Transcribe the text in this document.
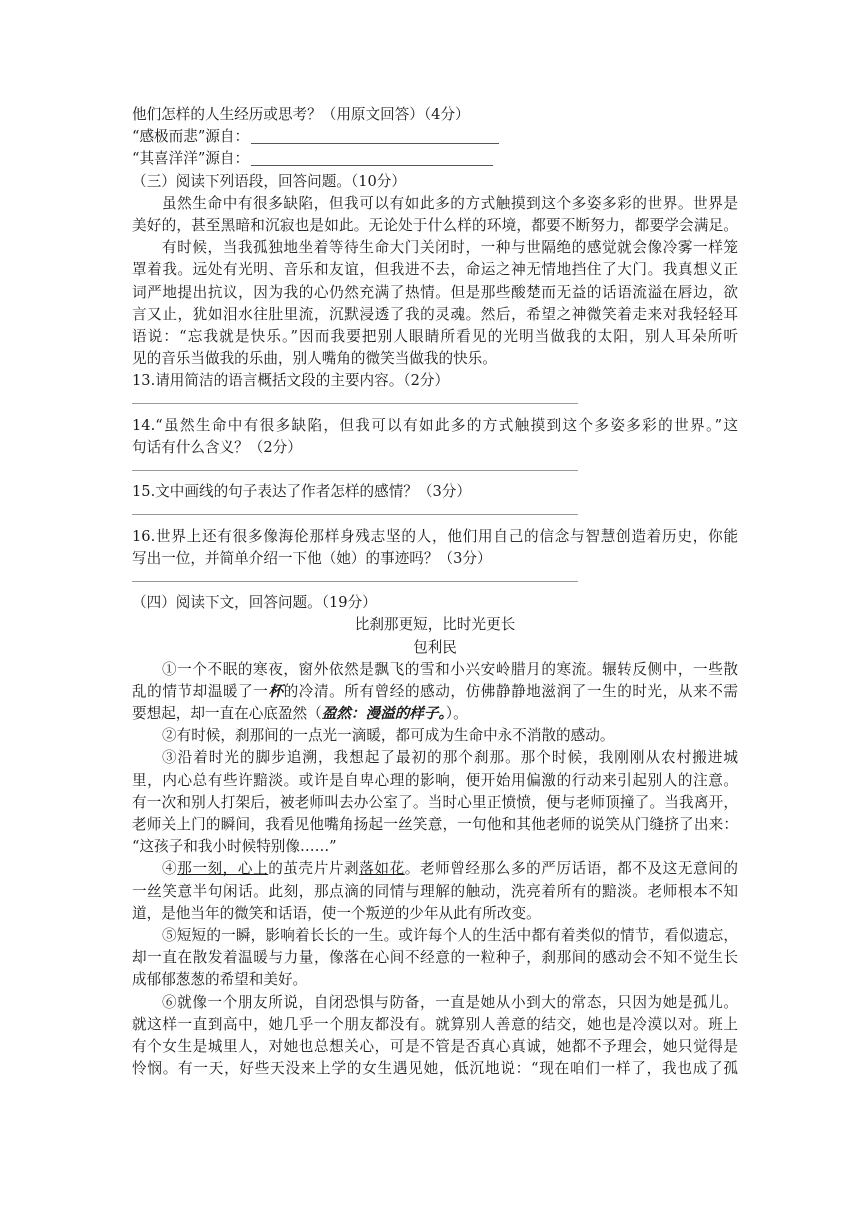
他们怎样的人生经历或思考？（用原文回答）（4分）
“感极而悲”源自：
“其喜洋洋”源自：
（三）阅读下列语段，回答问题。（10分）
虽然生命中有很多缺陷，但我可以有如此多的方式触摸到这个多姿多彩的世界。世界是
美好的，甚至黑暗和沉寂也是如此。无论处于什么样的环境，都要不断努力，都要学会满足。
有时候，当我孤独地坐着等待生命大门关闭时，一种与世隔绝的感觉就会像冷雾一样笼
罩着我。远处有光明、音乐和友谊，但我进不去，命运之神无情地挡住了大门。我真想义正
词严地提出抗议，因为我的心仍然充满了热情。但是那些酸楚而无益的话语流溢在唇边，欲
言又止，犹如泪水往肚里流，沉默浸透了我的灵魂。然后，希望之神微笑着走来对我轻轻耳
语说：“忘我就是快乐。”因而我要把别人眼睛所看见的光明当做我的太阳，别人耳朵所听
见的音乐当做我的乐曲，别人嘴角的微笑当做我的快乐。
13.请用简洁的语言概括文段的主要内容。（2分）
14.“虽然生命中有很多缺陷，但我可以有如此多的方式触摸到这个多姿多彩的世界。”这
句话有什么含义？（2分）
15.文中画线的句子表达了作者怎样的感情？（3分）
16.世界上还有很多像海伦那样身残志坚的人，他们用自己的信念与智慧创造着历史，你能
写出一位，并简单介绍一下他（她）的事迹吗？（3分）
（四）阅读下文，回答问题。（19分）
比刹那更短，比时光更长
包利民
①一个不眠的寒夜，窗外依然是飘飞的雪和小兴安岭腊月的寒流。辗转反侧中，一些散
乱的情节却温暖了一杯的冷清。所有曾经的感动，仿佛静静地滋润了一生的时光，从来不需
要想起，却一直在心底盈然（盈然：漫溢的样子。）。
②有时候，刹那间的一点光一滴暖，都可成为生命中永不消散的感动。
③沿着时光的脚步追溯，我想起了最初的那个刹那。那个时候，我刚刚从农村搬进城
里，内心总有些许黯淡。或许是自卑心理的影响，便开始用偏激的行动来引起别人的注意。
有一次和别人打架后，被老师叫去办公室了。当时心里正愤愤，便与老师顶撞了。当我离开，
老师关上门的瞬间，我看见他嘴角扬起一丝笑意，一句他和其他老师的说笑从门缝挤了出来：
“这孩子和我小时候特别像……”
④那一刻，心上的茧壳片片剥落如花。老师曾经那么多的严厉话语，都不及这无意间的
一丝笑意半句闲话。此刻，那点滴的同情与理解的触动，洗亮着所有的黯淡。老师根本不知
道，是他当年的微笑和话语，使一个叛逆的少年从此有所改变。
⑤短短的一瞬，影响着长长的一生。或许每个人的生活中都有着类似的情节，看似遗忘，
却一直在散发着温暖与力量，像落在心间不经意的一粒种子，刹那间的感动会不知不觉生长
成郁郁葱葱的希望和美好。
⑥就像一个朋友所说，自闭恐惧与防备，一直是她从小到大的常态，只因为她是孤儿。
就这样一直到高中，她几乎一个朋友都没有。就算别人善意的结交，她也是冷漠以对。班上
有个女生是城里人，对她也总想关心，可是不管是否真心真诚，她都不予理会，她只觉得是
怜悯。有一天，好些天没来上学的女生遇见她，低沉地说：“现在咱们一样了，我也成了孤
